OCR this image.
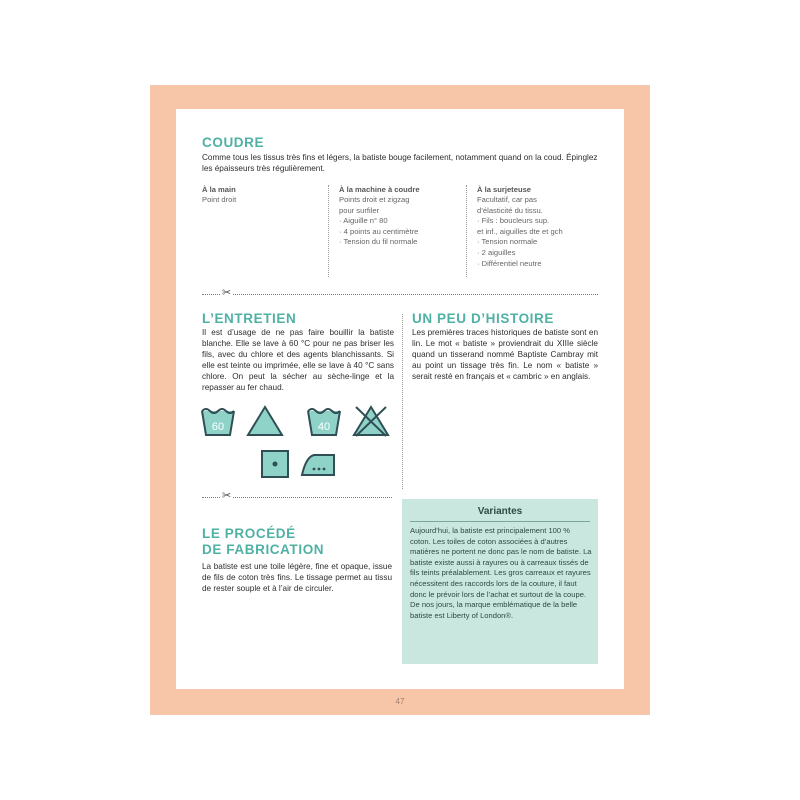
COUDRE

Comme tous les tissus très fins et légers, la batiste bouge facilement, notamment quand on la coud. Épinglez les épaisseurs très régulièrement.

À la main
Point droit
À la machine à coudre
Points droit et zigzag
pour surfiler
· Aiguille n° 80
· 4 points au centimètre
· Tension du fil normale
À la surjeteuse
Facultatif, car pas
d’élasticité du tissu.
· Fils : boucleurs sup.
et inf., aiguilles dte et gch
· Tension normale
· 2 aiguilles
· Différentiel neutre
✂
L’ENTRETIEN

Il est d’usage de ne pas faire bouillir la batiste blanche. Elle se lave à 60 °C pour ne pas briser les fils, avec du chlore et des agents blanchissants. Si elle est teinte ou imprimée, elle se lave à 40 °C sans chlore. On peut la sécher au sèche-linge et la repasser au fer chaud.

60	40
UN PEU D’HISTOIRE

Les premières traces historiques de batiste sont en lin. Le mot « batiste » proviendrait du XIIIe siècle quand un tisserand nommé Baptiste Cambray mit au point un tissage très fin. Le nom « batiste » serait resté en français et « cambric » en anglais.

✂
LE PROCÉDÉ
DE FABRICATION

La batiste est une toile légère, fine et opaque, issue de fils de coton très fins. Le tissage permet au tissu de rester souple et à l’air de circuler.

Variantes
Aujourd’hui, la batiste est principalement 100 % coton. Les toiles de coton associées à d’autres matières ne portent ne donc pas le nom de batiste. La batiste existe aussi à rayures ou à carreaux tissés de fils teints préalablement. Les gros carreaux et rayures nécessitent des raccords lors de la couture, il faut donc le prévoir lors de l’achat et surtout de la coupe. De nos jours, la marque emblématique de la belle batiste est Liberty of London®.
47
